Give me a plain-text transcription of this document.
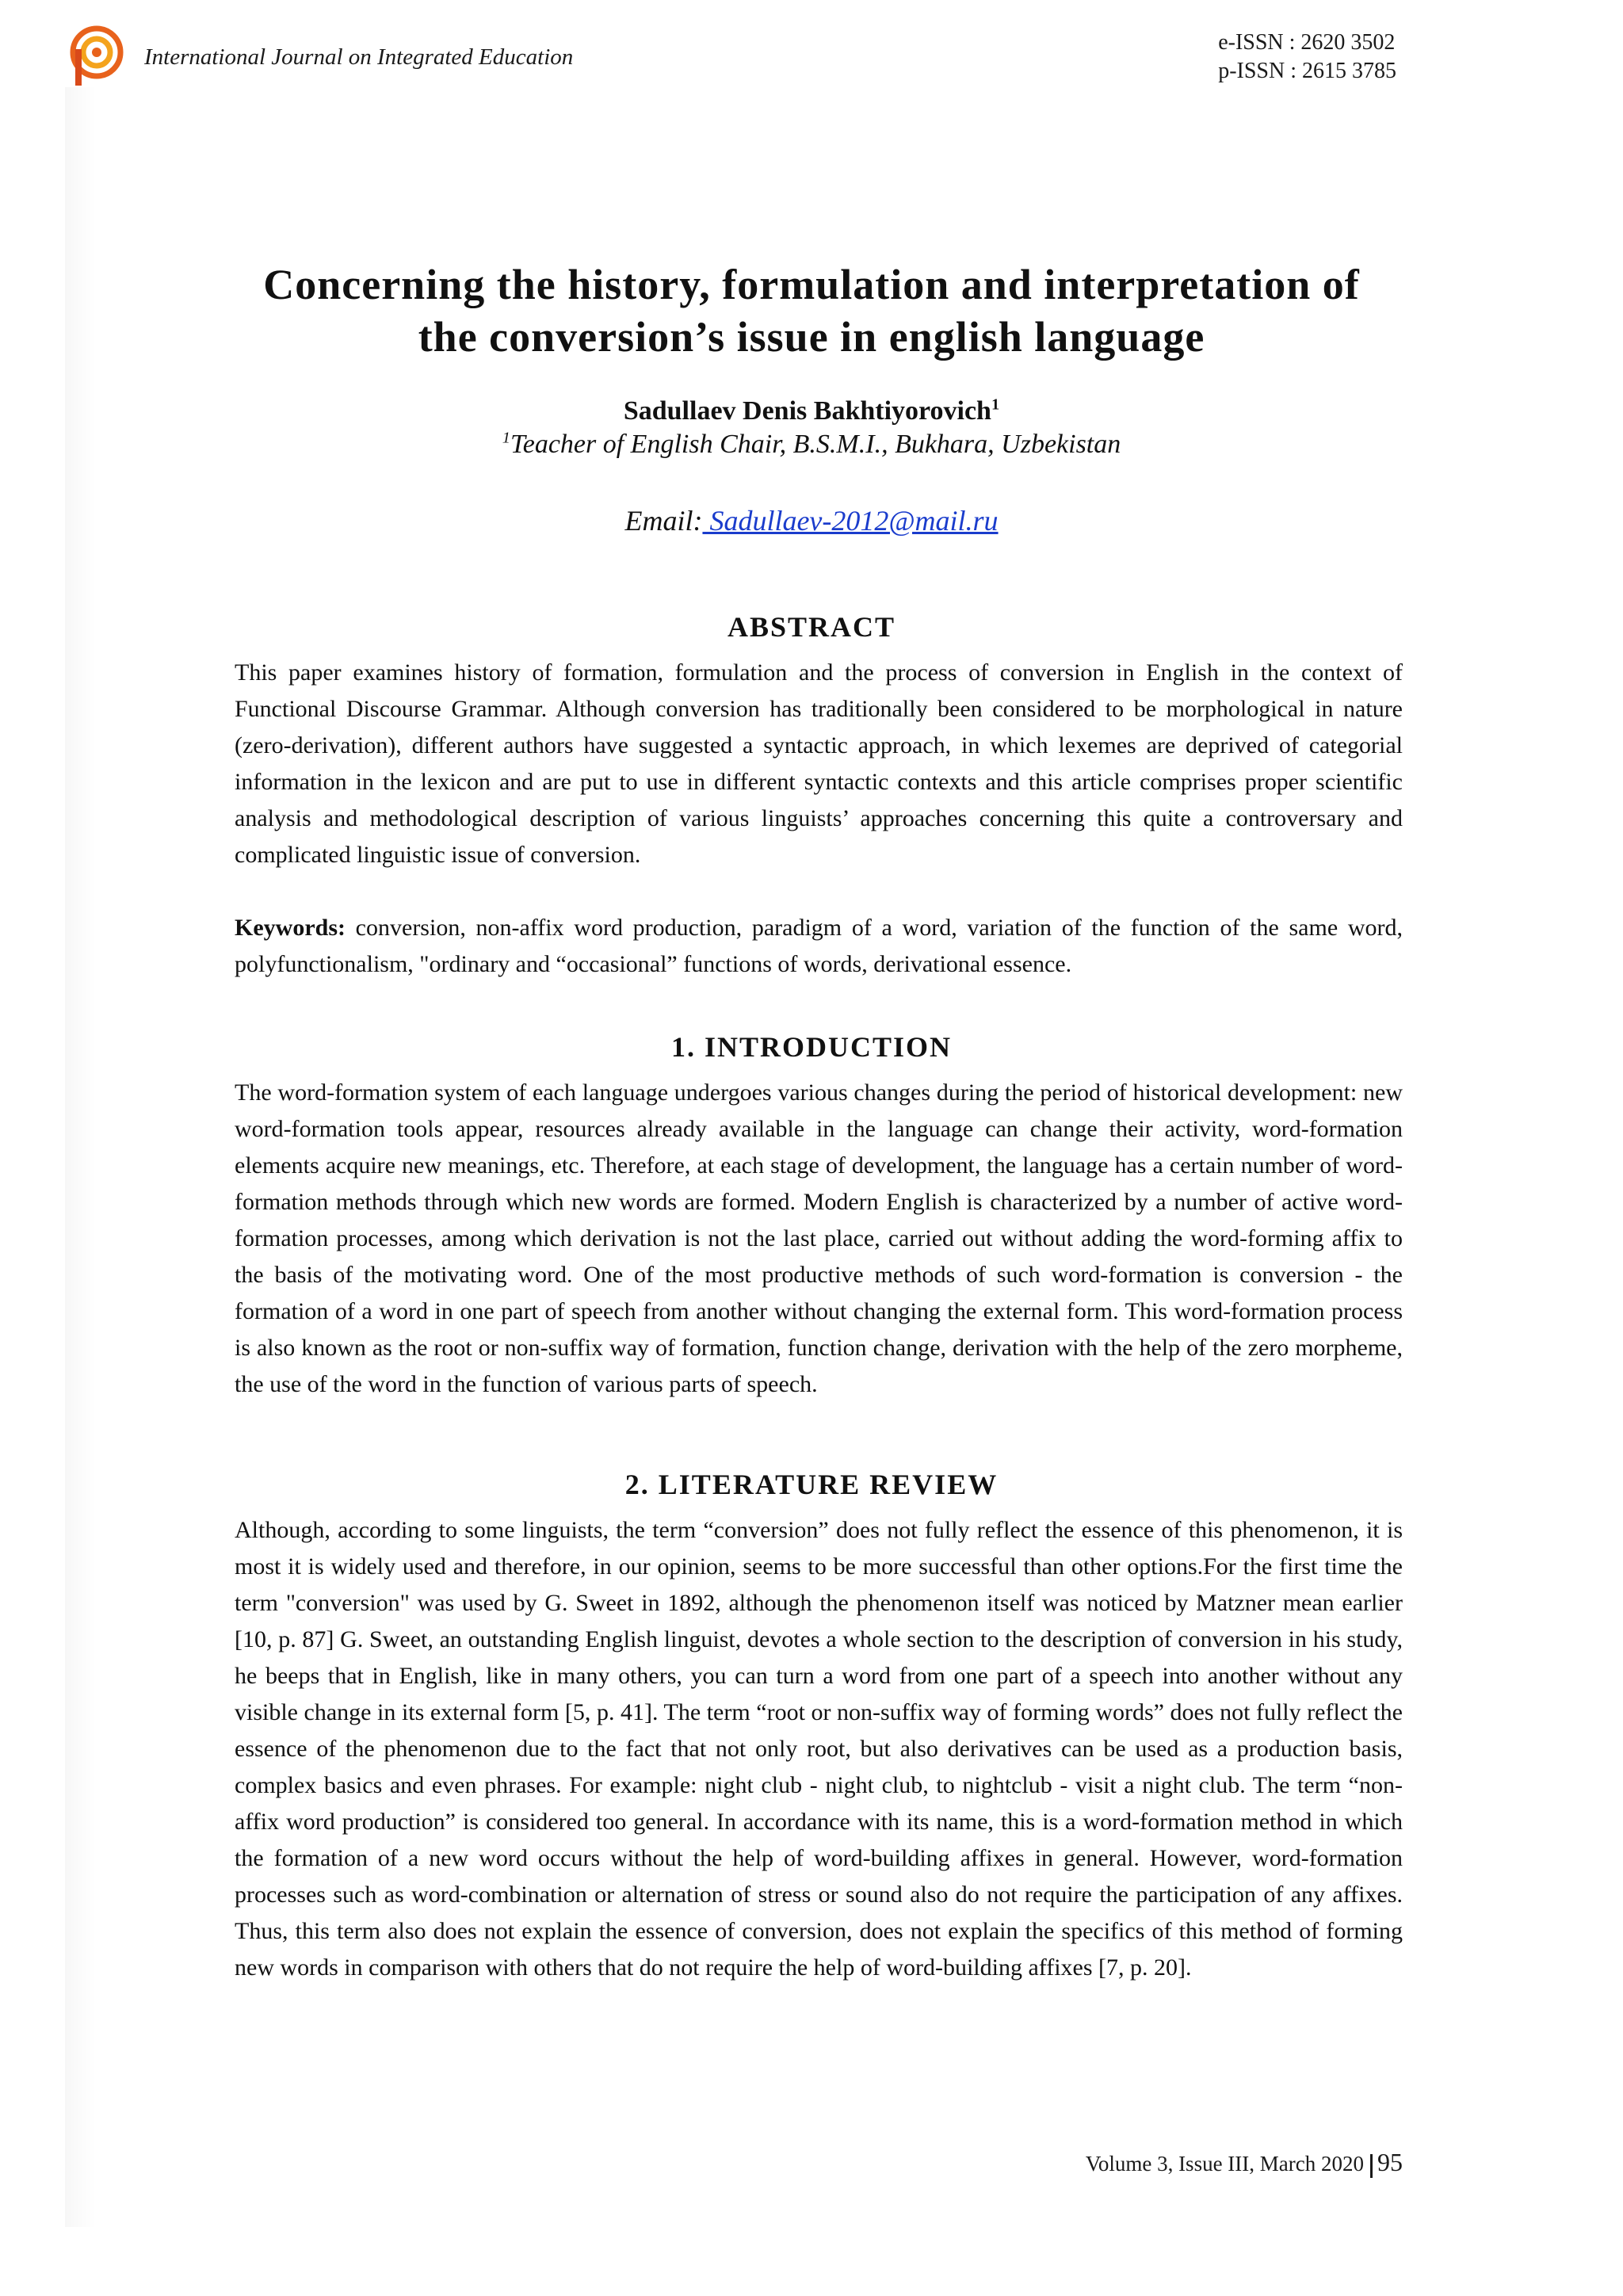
International Journal on Integrated Education
e-ISSN : 2620 3502
p-ISSN : 2615 3785
Concerning the history, formulation and interpretation of
the conversion’s issue in english language
Sadullaev Denis Bakhtiyorovich$^1$
$^1$Teacher of English Chair, B.S.M.I., Bukhara, Uzbekistan
Email: Sadullaev-2012@mail.ru
ABSTRACT

This paper examines history of formation, formulation and the process of conversion in English in the context of Functional Discourse Grammar. Although conversion has traditionally been considered to be morphological in nature (zero-derivation), different authors have suggested a syntactic approach, in which lexemes are deprived of categorial information in the lexicon and are put to use in different syntactic contexts and this article comprises proper scientific analysis and methodological description of various linguists’ approaches concerning this quite a controversary and complicated linguistic issue of conversion.

Keywords: conversion, non-affix word production, paradigm of a word, variation of the function of the same word, polyfunctionalism, "ordinary and “occasional” functions of words, derivational essence.

1. INTRODUCTION

The word-formation system of each language undergoes various changes during the period of historical development: new word-formation tools appear, resources already available in the language can change their activity, word-formation elements acquire new meanings, etc. Therefore, at each stage of development, the language has a certain number of word-formation methods through which new words are formed. Modern English is characterized by a number of active word-formation processes, among which derivation is not the last place, carried out without adding the word-forming affix to the basis of the motivating word. One of the most productive methods of such word-formation is conversion - the formation of a word in one part of speech from another without changing the external form. This word-formation process is also known as the root or non-suffix way of formation, function change, derivation with the help of the zero morpheme, the use of the word in the function of various parts of speech.

2. LITERATURE REVIEW

Although, according to some linguists, the term “conversion” does not fully reflect the essence of this phenomenon, it is most it is widely used and therefore, in our opinion, seems to be more successful than other options.For the first time the term "conversion" was used by G. Sweet in 1892, although the phenomenon itself was noticed by Matzner mean earlier [10, p. 87] G. Sweet, an outstanding English linguist, devotes a whole section to the description of conversion in his study, he beeps that in English, like in many others, you can turn a word from one part of a speech into another without any visible change in its external form [5, p. 41]. The term “root or non-suffix way of forming words” does not fully reflect the essence of the phenomenon due to the fact that not only root, but also derivatives can be used as a production basis, complex basics and even phrases. For example: night club - night club, to nightclub - visit a night club. The term “non-affix word production” is considered too general. In accordance with its name, this is a word-formation method in which the formation of a new word occurs without the help of word-building affixes in general. However, word-formation processes such as word-combination or alternation of stress or sound also do not require the participation of any affixes. Thus, this term also does not explain the essence of conversion, does not explain the specifics of this method of forming new words in comparison with others that do not require the help of word-building affixes [7, p. 20].

Volume 3, Issue III, March 2020 95
